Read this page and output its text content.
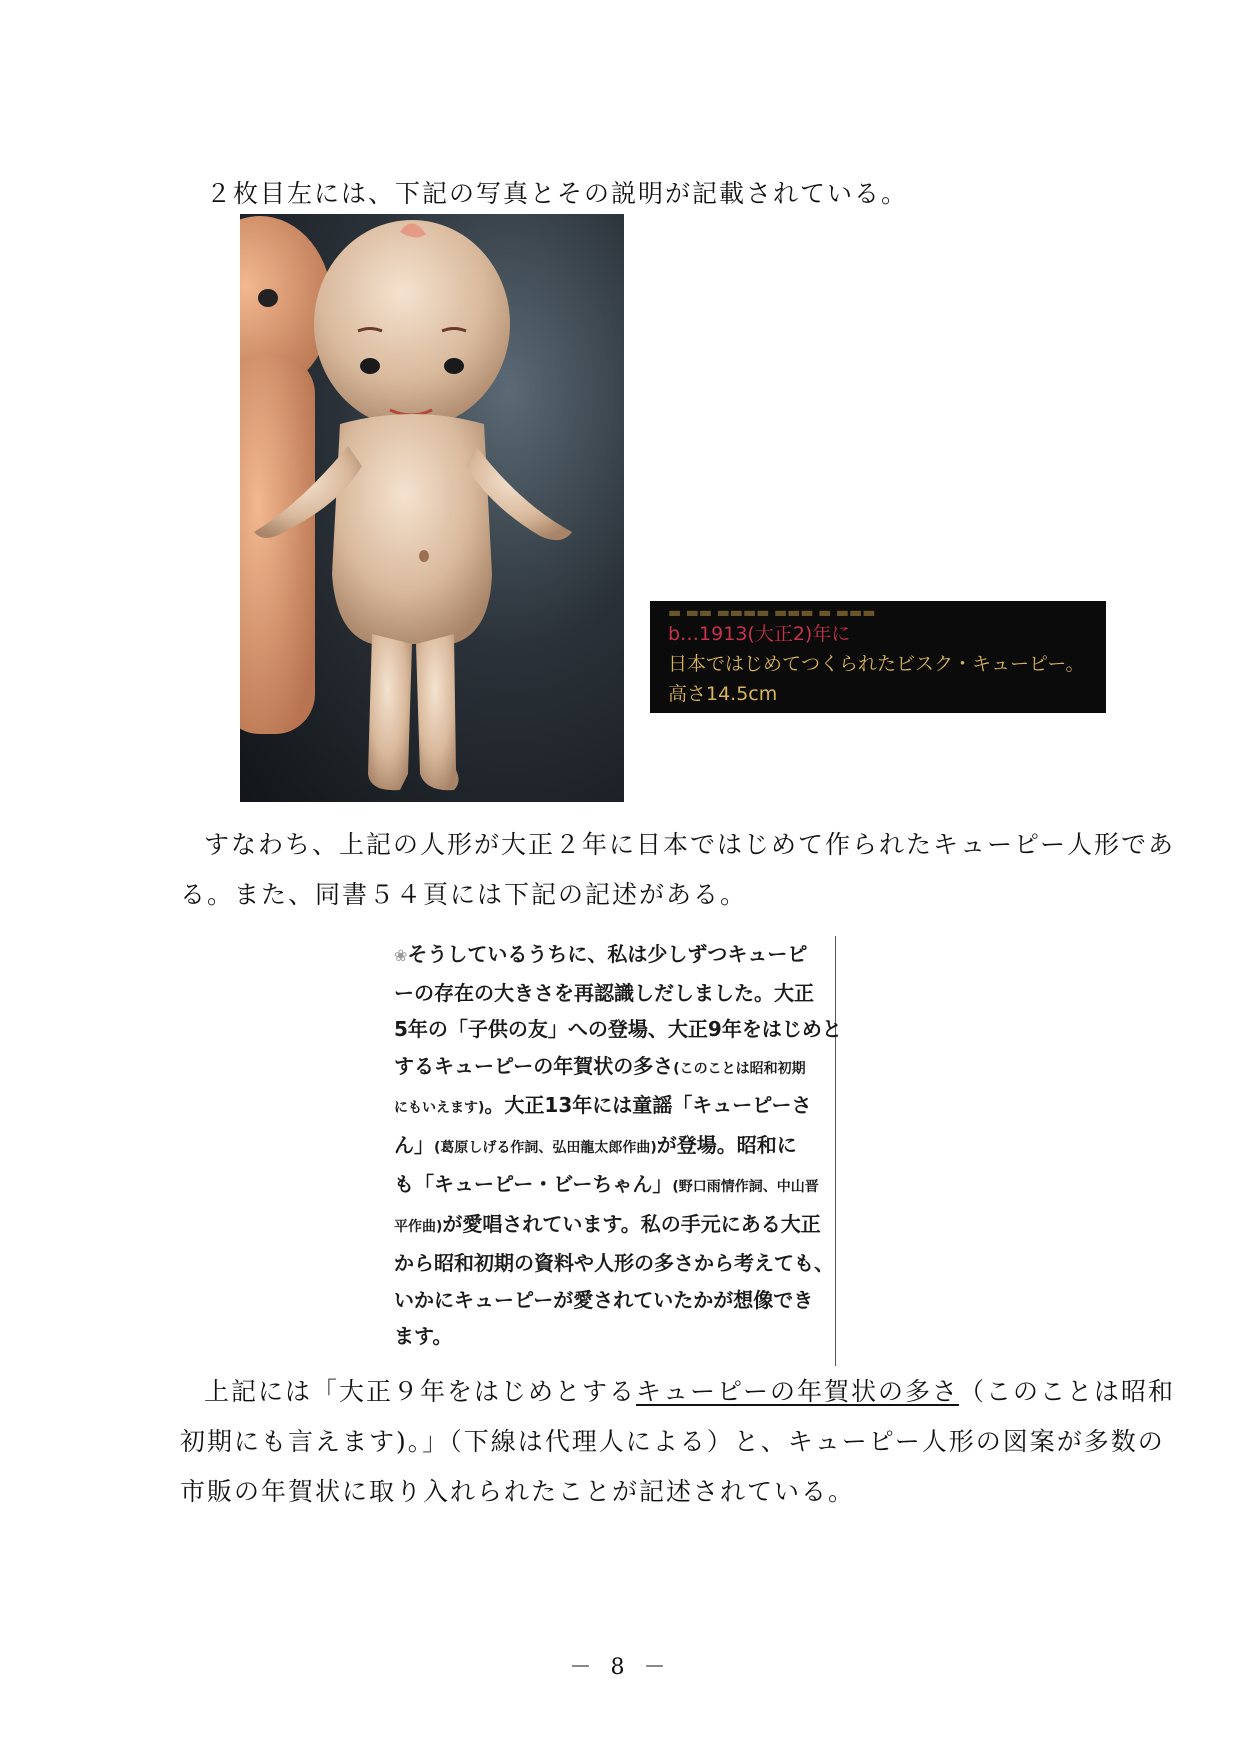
２枚目左には、下記の写真とその説明が記載されている。

▬ ▬▬ ▬▬▬▬ ▬▬▬ ▬ ▬▬▬
b…1913(大正2)年に
日本ではじめてつくられたビスク・キューピー。
高さ14.5cm

すなわち、上記の人形が大正２年に日本ではじめて作られたキューピー人形であ

る。また、同書５４頁には下記の記述がある。

❀そうしているうちに、私は少しずつキューピ
ーの存在の大きさを再認識しだしました。大正
5年の「子供の友」への登場、大正9年をはじめと
するキューピーの年賀状の多さ(このことは昭和初期
にもいえます)。大正13年には童謡「キューピーさ
ん」(葛原しげる作詞、弘田龍太郎作曲)が登場。昭和に
も「キューピー・ビーちゃん」(野口雨情作詞、中山晋
平作曲)が愛唱されています。私の手元にある大正
から昭和初期の資料や人形の多さから考えても、
いかにキューピーが愛されていたかが想像でき
ます。

上記には「大正９年をはじめとするキューピーの年賀状の多さ（このことは昭和

初期にも言えます)。」（下線は代理人による）と、キューピー人形の図案が多数の

市販の年賀状に取り入れられたことが記述されている。

－ 8 －
